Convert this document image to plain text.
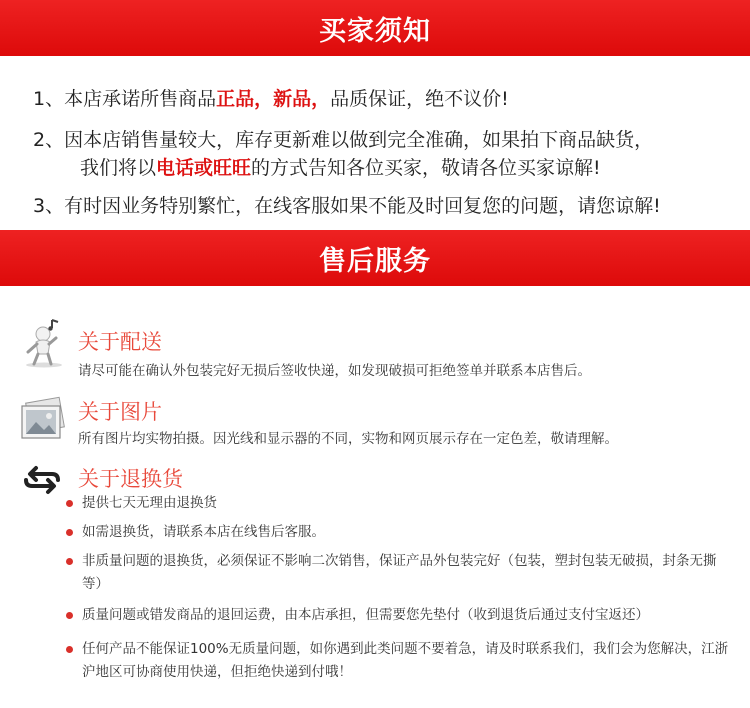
买家须知
1、本店承诺所售商品正品，新品，品质保证，绝不议价!
2、因本店销售量较大，库存更新难以做到完全准确，如果拍下商品缺货，
我们将以电话或旺旺的方式告知各位买家，敬请各位买家谅解!
3、有时因业务特别繁忙，在线客服如果不能及时回复您的问题，请您谅解!
售后服务
关于配送
请尽可能在确认外包装完好无损后签收快递，如发现破损可拒绝签单并联系本店售后。
关于图片
所有图片均实物拍摄。因光线和显示器的不同，实物和网页展示存在一定色差，敬请理解。
关于退换货
提供七天无理由退换货
如需退换货，请联系本店在线售后客服。
非质量问题的退换货，必须保证不影响二次销售，保证产品外包装完好（包装，塑封包装无破损，封条无撕等）
质量问题或错发商品的退回运费，由本店承担，但需要您先垫付（收到退货后通过支付宝返还）
任何产品不能保证100%无质量问题，如你遇到此类问题不要着急，请及时联系我们，我们会为您解决，江浙沪地区可协商使用快递，但拒绝快递到付哦！
